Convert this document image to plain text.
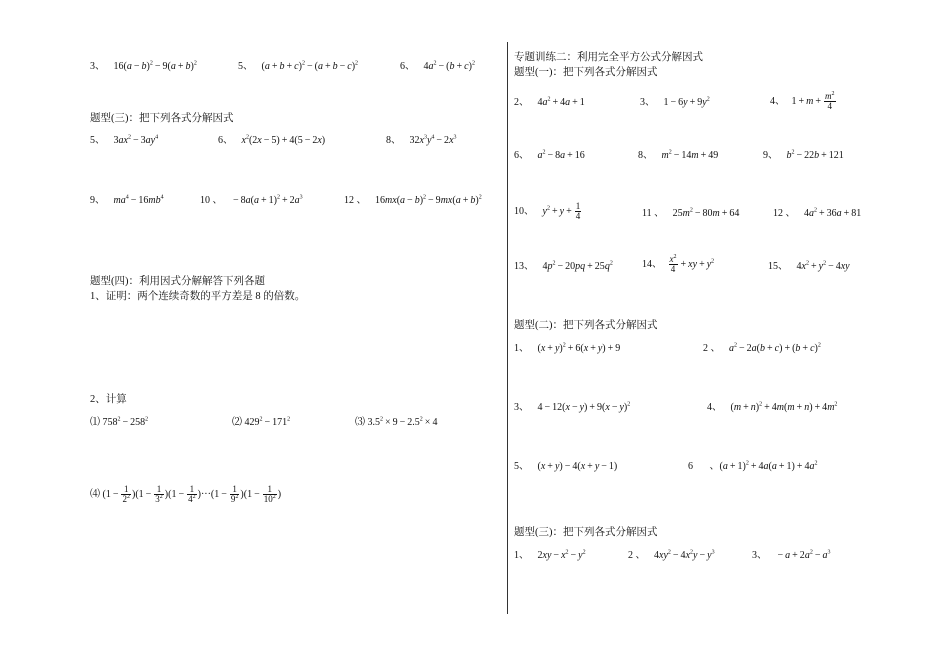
3、 $16(a - b)^2 - 9(a + b)^2$	5、 $(a + b + c)^2 - (a + b - c)^2$	6、 $4a^2 - (b + c)^2$
题型(三)：把下列各式分解因式
5、 $3ax^2 - 3ay^4$	6、 $x^2(2x - 5) + 4(5 - 2x)$	8、 $32x^3y^4 - 2x^3$
9、 $ma^4 - 16mb^4$	10 、  − $8a(a + 1)^2 + 2a^3$	12 、 $16mx(a - b)^2 - 9mx(a + b)^2$
题型(四)：利用因式分解解答下列各题
1、证明：两个连续奇数的平方差是 8 的倍数。
2、计算
⑴ $758^2 - 258^2$	⑵ $429^2 - 171^2$	⑶ $3.5^2 \times 9 - 2.5^2 \times 4$
⑷ $(1 - \frac{1}{2^2} )(1 - \frac{1}{3^2} )(1 - \frac{1}{4^2} )\cdot\cdot\cdot(1 - \frac{1}{9^2} )(1 - \frac{1}{10^2}$ )
专题训练二：利用完全平方公式分解因式
题型(一)：把下列各式分解因式
2、 $4a^2 + 4a + 1$	3、 $1 - 6y + 9y^2$	4、 $1 + m + \frac{m^2}{4}$
6、 $a^2 - 8a + 16$	8、 $m^2 - 14m + 49$	9、 $b^2 - 22b + 121$
10、 $y^2 + y + \frac{1}{4}$	11 、 $25m^2 - 80m + 64$	12 、 $4a^2 + 36a + 81$
13、 $4p^2 - 20pq + 25q^2$	14、 $\frac{x^2}{4}$  + xy + $y^2$	15、 $4x^2 + y^2 - 4xy$
题型(二)：把下列各式分解因式
1、 $(x + y)^2 + 6(x + y) + 9$	2 、 $a^2 - 2a(b + c) + (b + c)^2$
3、 $4 - 12(x - y) + 9(x - y)^2$	4、 $(m + n)^2 + 4m(m + n) + 4m^2$
5、 (x + y) − 4(x + y − 1)	6 、$(a + 1)^2 + 4a(a + 1) + 4a^2$
题型(三)：把下列各式分解因式
1、 $2xy - x^2 - y^2$	2 、 $4xy^2 - 4x^2y - y^3$	3、  − $a + 2a^2 - a^3$
